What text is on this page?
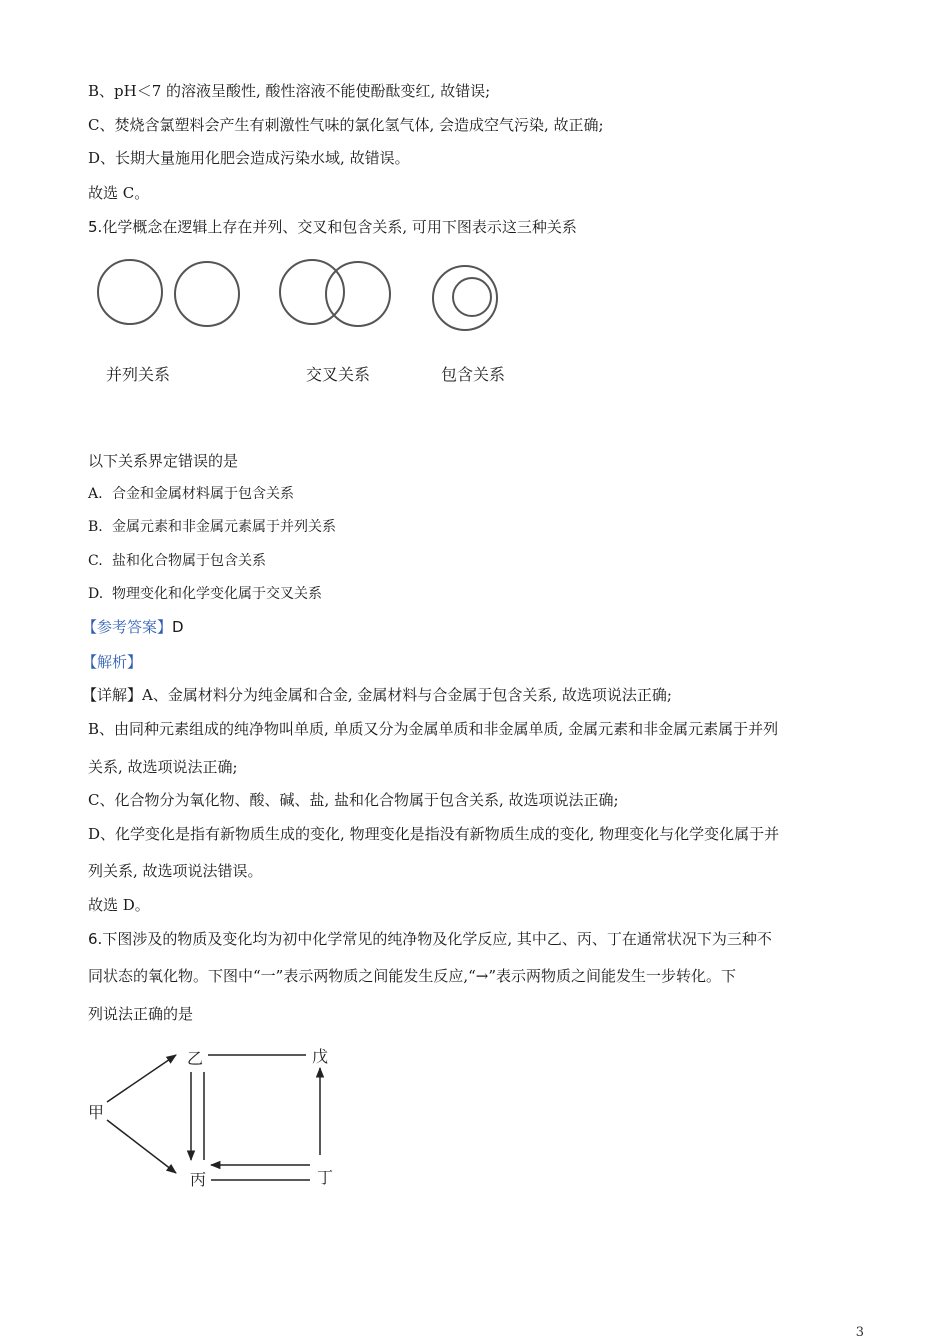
B、pH＜7 的溶液呈酸性, 酸性溶液不能使酚酞变红, 故错误;
C、焚烧含氯塑料会产生有刺激性气味的氯化氢气体, 会造成空气污染, 故正确;
D、长期大量施用化肥会造成污染水域, 故错误。
故选 C。
5.化学概念在逻辑上存在并列、交叉和包含关系, 可用下图表示这三种关系
并列关系	交叉关系	包含关系
以下关系界定错误的是
A. 合金和金属材料属于包含关系
B. 金属元素和非金属元素属于并列关系
C. 盐和化合物属于包含关系
D. 物理变化和化学变化属于交叉关系
【参考答案】D
【解析】
【详解】A、金属材料分为纯金属和合金, 金属材料与合金属于包含关系, 故选项说法正确;
B、由同种元素组成的纯净物叫单质, 单质又分为金属单质和非金属单质, 金属元素和非金属元素属于并列
关系, 故选项说法正确;
C、化合物分为氧化物、酸、碱、盐, 盐和化合物属于包含关系, 故选项说法正确;
D、化学变化是指有新物质生成的变化, 物理变化是指没有新物质生成的变化, 物理变化与化学变化属于并
列关系, 故选项说法错误。
故选 D。
6.下图涉及的物质及变化均为初中化学常见的纯净物及化学反应, 其中乙、丙、丁在通常状况下为三种不
同状态的氧化物。下图中“一”表示两物质之间能发生反应,“→”表示两物质之间能发生一步转化。下
列说法正确的是
甲
乙
丙	丁
戊
3
